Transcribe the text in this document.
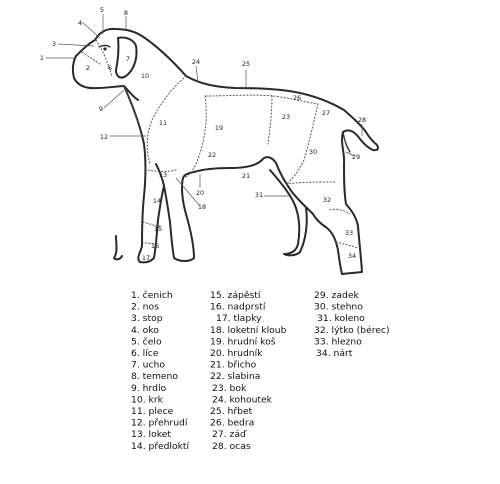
1
2
3
4
5
6
7
8
9
10
11
12
13
14
15
16
17
18
19
20
21
22
23
24	25
26
27
28
29
30
31
32
33
34
1. čenich
2. nos
3. stop
4. oko
5. čelo
6. líce
7. ucho
8. temeno
9. hrdlo
10. krk
11. plece
12. přehrudí
13. loket
14. předloktí
15. zápěstí
16. nadprstí
17. tlapky
18. loketní kloub
19. hrudní koš
20. hrudník
21. břicho
22. slabina
23. bok
24. kohoutek
25. hřbet
26. bedra
27. záď
28. ocas
29. zadek
30. stehno
31. koleno
32. lýtko (bérec)
33. hlezno
34. nárt
